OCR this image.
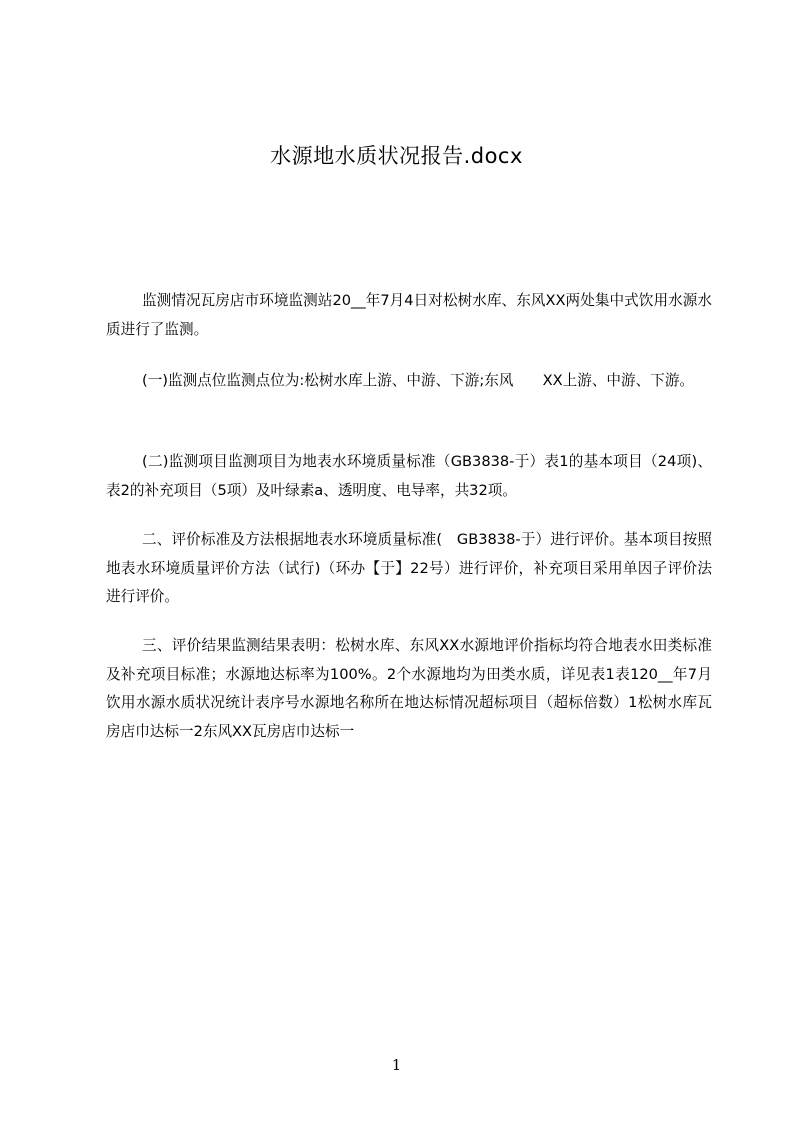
水源地水质状况报告.docx

监测情况瓦房店市环境监测站20__年7月4日对松树水库、东风XX两处集中式饮用水源水质进行了监测。

(一)监测点位监测点位为:松树水库上游、中游、下游;东风　　XX上游、中游、下游。

(二)监测项目监测项目为地表水环境质量标准（GB3838-于）表1的基本项目（24项)、表2的补充项目（5项）及叶绿素a、透明度、电导率，共32项。

二、评价标准及方法根据地表水环境质量标准(　GB3838-于）进行评价。基本项目按照地表水环境质量评价方法（试行)（环办【于】22号）进行评价，补充项目采用单因子评价法进行评价。

三、评价结果监测结果表明：松树水库、东风XX水源地评价指标均符合地表水田类标准及补充项目标准；水源地达标率为100%。2个水源地均为田类水质，详见表1表120__年7月饮用水源水质状况统计表序号水源地名称所在地达标情况超标项目（超标倍数）1松树水库瓦房店巾达标一2东风XX瓦房店巾达标一

1
